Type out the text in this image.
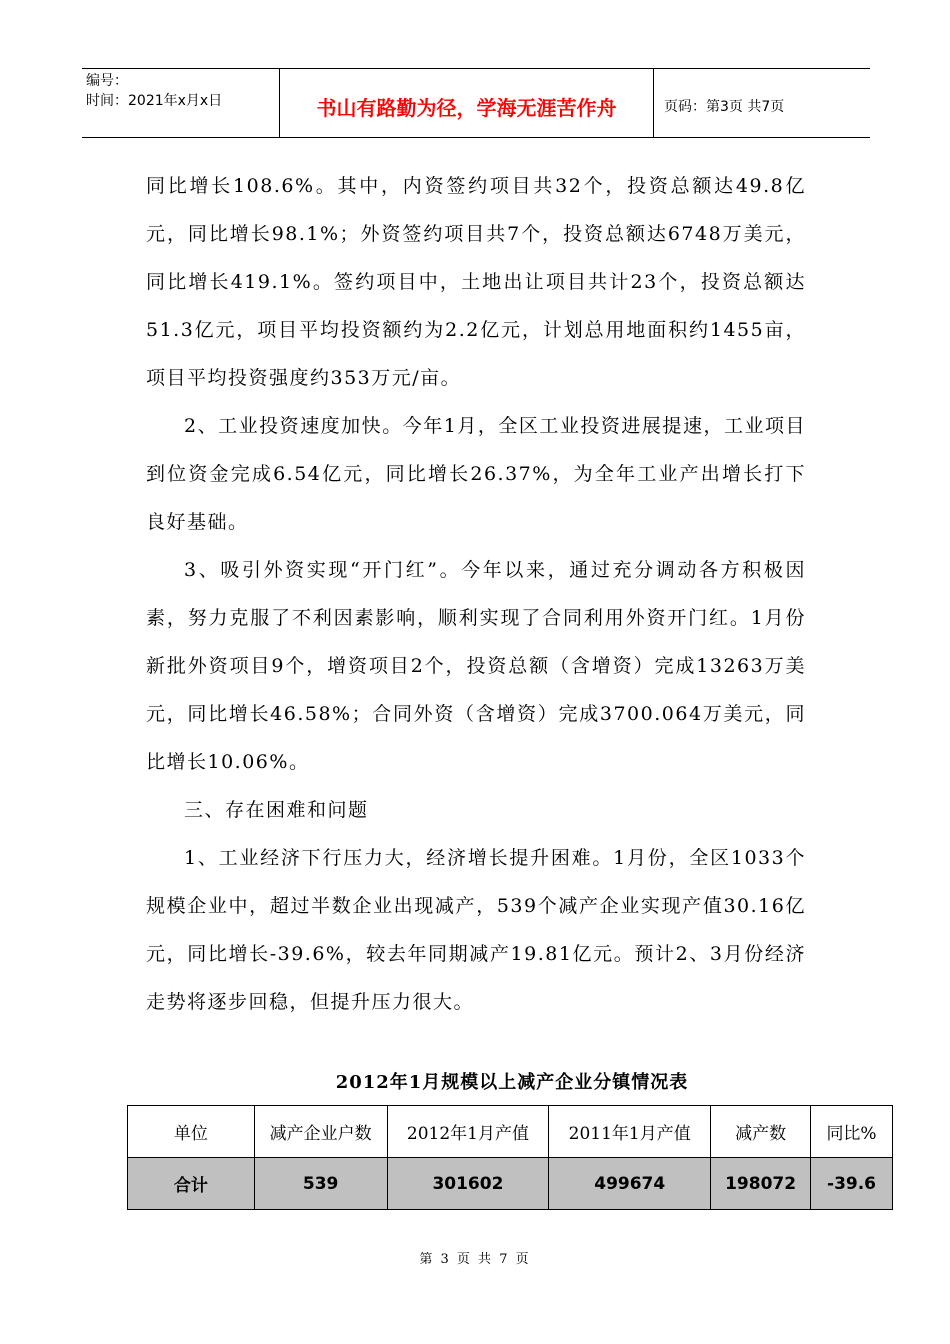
编号：
时间：2021年x月x日	书山有路勤为径，学海无涯苦作舟	页码：第3页 共7页

同比增长108.6%。其中，内资签约项目共32个，投资总额达49.8亿元，同比增长98.1%；外资签约项目共7个，投资总额达6748万美元，同比增长419.1%。签约项目中，土地出让项目共计23个，投资总额达51.3亿元，项目平均投资额约为2.2亿元，计划总用地面积约1455亩，项目平均投资强度约353万元/亩。

2、工业投资速度加快。今年1月，全区工业投资进展提速，工业项目到位资金完成6.54亿元，同比增长26.37%，为全年工业产出增长打下良好基础。

3、吸引外资实现“开门红”。今年以来，通过充分调动各方积极因素，努力克服了不利因素影响，顺利实现了合同利用外资开门红。1月份新批外资项目9个，增资项目2个，投资总额（含增资）完成13263万美元，同比增长46.58%；合同外资（含增资）完成3700.064万美元，同比增长10.06%。

三、存在困难和问题

1、工业经济下行压力大，经济增长提升困难。1月份，全区1033个规模企业中，超过半数企业出现减产，539个减产企业实现产值30.16亿元，同比增长-39.6%，较去年同期减产19.81亿元。预计2、3月份经济走势将逐步回稳，但提升压力很大。

2012年1月规模以上减产企业分镇情况表
单位	减产企业户数	2012年1月产值	2011年1月产值	减产数	同比%
合计	539	301602	499674	198072	-39.6
第 3 页 共 7 页
